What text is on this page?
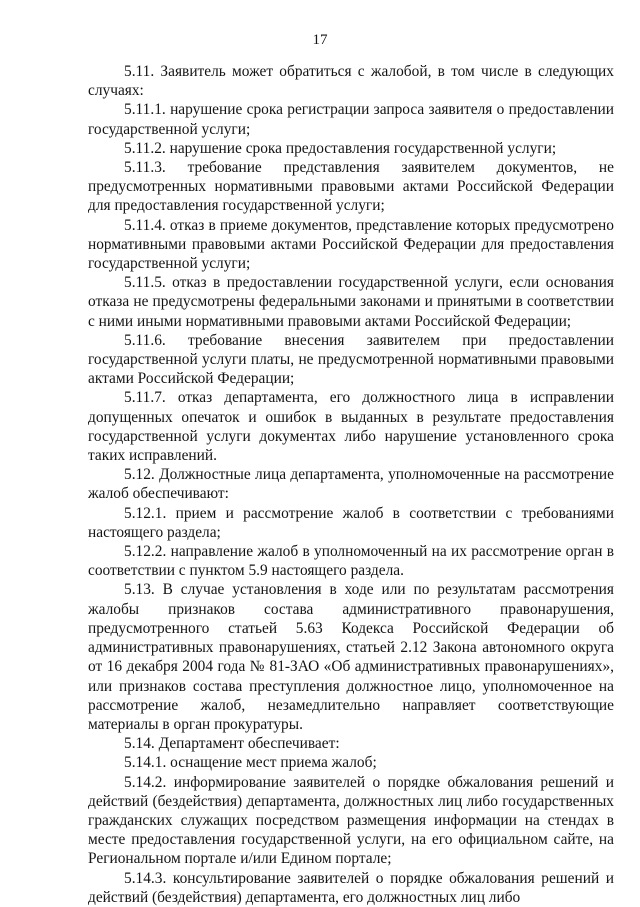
17

5.11. Заявитель может обратиться с жалобой, в том числе в следующих случаях:

5.11.1. нарушение срока регистрации запроса заявителя о предоставлении государственной услуги;

5.11.2. нарушение срока предоставления государственной услуги;

5.11.3. требование представления заявителем документов, не предусмотренных нормативными правовыми актами Российской Федерации для предоставления государственной услуги;

5.11.4. отказ в приеме документов, представление которых предусмотрено нормативными правовыми актами Российской Федерации для предоставления государственной услуги;

5.11.5. отказ в предоставлении государственной услуги, если основания отказа не предусмотрены федеральными законами и принятыми в соответствии с ними иными нормативными правовыми актами Российской Федерации;

5.11.6. требование внесения заявителем при предоставлении государственной услуги платы, не предусмотренной нормативными правовыми актами Российской Федерации;

5.11.7. отказ департамента, его должностного лица в исправлении допущенных опечаток и ошибок в выданных в результате предоставления государственной услуги документах либо нарушение установленного срока таких исправлений.

5.12. Должностные лица департамента, уполномоченные на рассмотрение жалоб обеспечивают:

5.12.1. прием и рассмотрение жалоб в соответствии с требованиями настоящего раздела;

5.12.2. направление жалоб в уполномоченный на их рассмотрение орган в соответствии с пунктом 5.9 настоящего раздела.

5.13. В случае установления в ходе или по результатам рассмотрения жалобы признаков состава административного правонарушения, предусмотренного статьей 5.63 Кодекса Российской Федерации об административных правонарушениях, статьей 2.12 Закона автономного округа от 16 декабря 2004 года № 81-ЗАО «Об административных правонарушениях», или признаков состава преступления должностное лицо, уполномоченное на рассмотрение жалоб, незамедлительно направляет соответствующие материалы в орган прокуратуры.

5.14. Департамент обеспечивает:

5.14.1. оснащение мест приема жалоб;

5.14.2. информирование заявителей о порядке обжалования решений и действий (бездействия) департамента, должностных лиц либо государственных гражданских служащих посредством размещения информации на стендах в месте предоставления государственной услуги, на его официальном сайте, на Региональном портале и/или Едином портале;

5.14.3. консультирование заявителей о порядке обжалования решений и действий (бездействия) департамента, его должностных лиц либо
